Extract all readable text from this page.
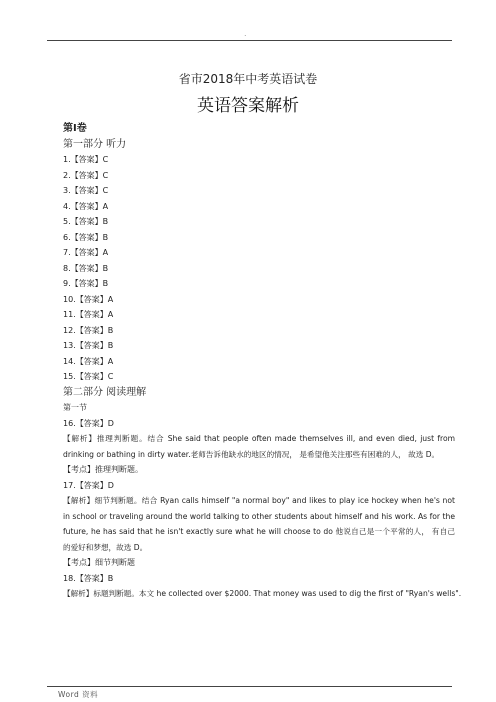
.
省市2018年中考英语试卷
英语答案解析
第Ⅰ卷
第一部分 听力
1.【答案】C
2.【答案】C
3.【答案】C
4.【答案】A
5.【答案】B
6.【答案】B
7.【答案】A
8.【答案】B
9.【答案】B
10.【答案】A
11.【答案】A
12.【答案】B
13.【答案】B
14.【答案】A
15.【答案】C
第二部分 阅读理解
第一节
16.【答案】D
【解析】推理判断题。结合 She said that people often made themselves ill, and even died, just from drinking or bathing in dirty water.老师告诉他缺水的地区的情况， 是希望他关注那些有困难的人， 故选 D。
【考点】推理判断题。
17.【答案】D
【解析】细节判断题。结合 Ryan calls himself "a normal boy" and likes to play ice hockey when he's not in school or traveling around the world talking to other students about himself and his work. As for the future, he has said that he isn't exactly sure what he will choose to do 他说自己是一个平常的人， 有自己的爱好和梦想，故选 D。
【考点】细节判断题
18.【答案】B
【解析】标题判断题。本文 he collected over $2000. That money was used to dig the first of "Ryan's wells".
Word 资料
